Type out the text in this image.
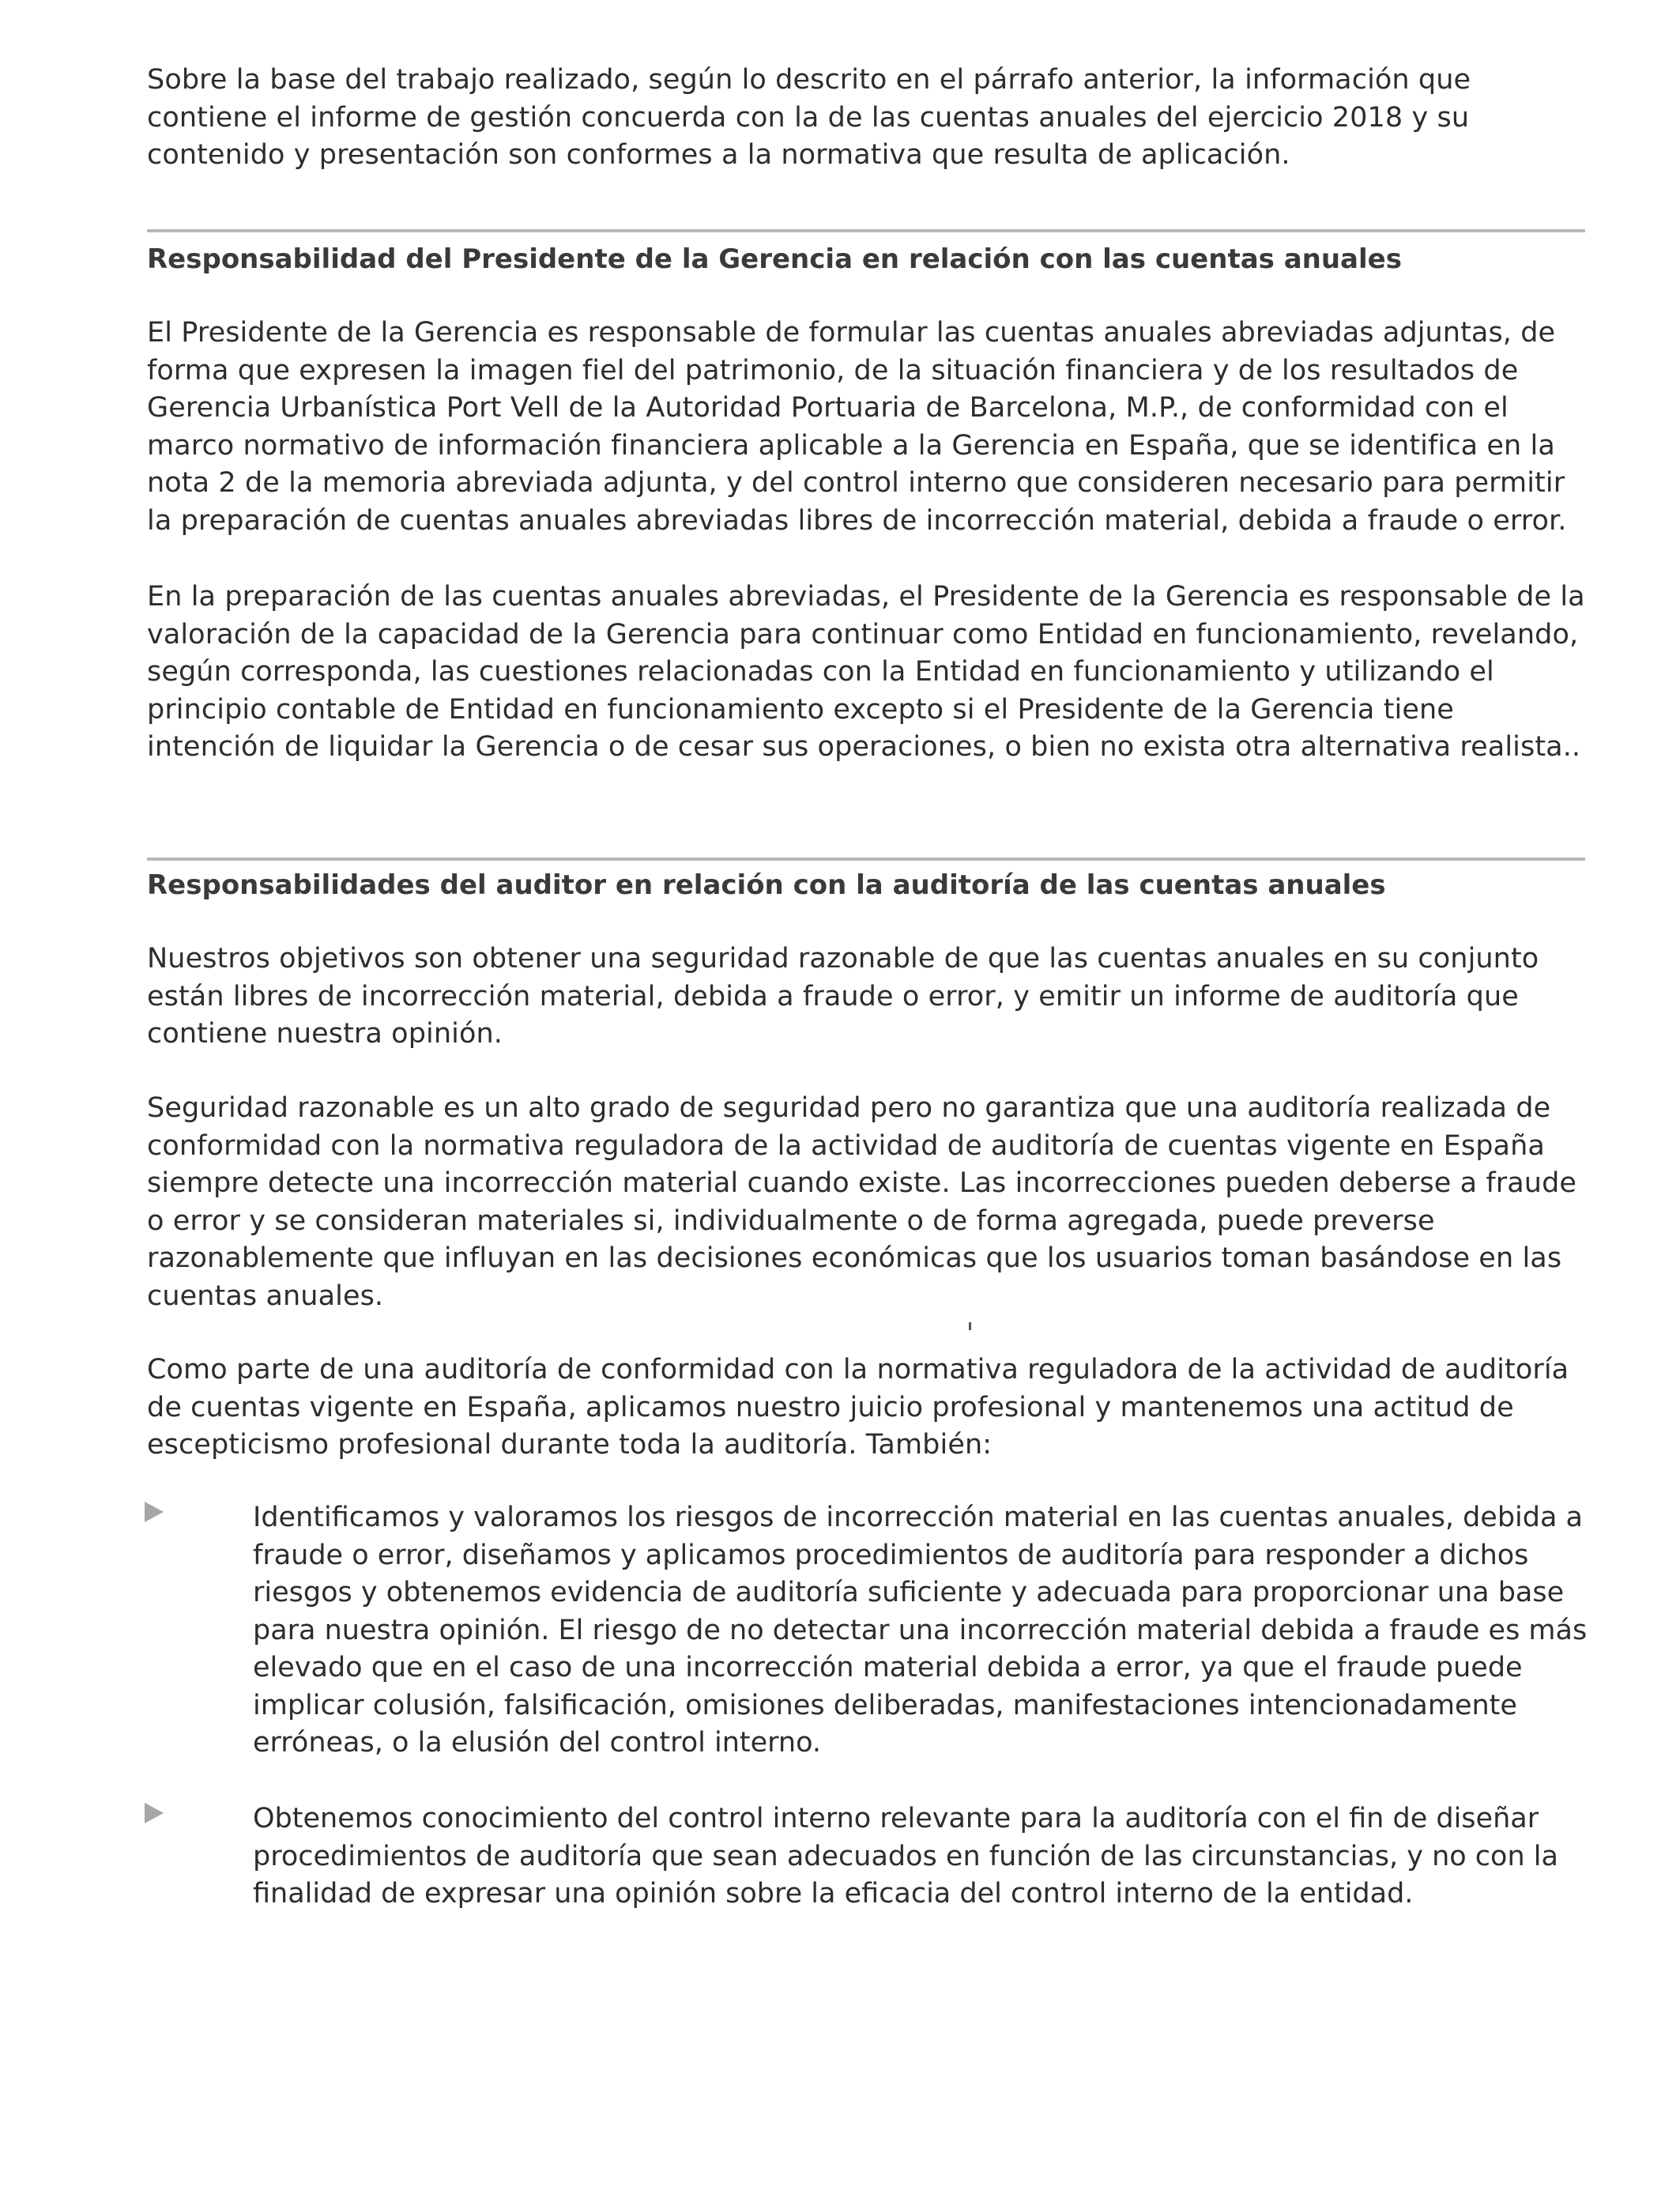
Sobre la base del trabajo realizado, según lo descrito en el párrafo anterior, la información que contiene el informe de gestión concuerda con la de las cuentas anuales del ejercicio 2018 y su contenido y presentación son conformes a la normativa que resulta de aplicación.

Responsabilidad del Presidente de la Gerencia en relación con las cuentas anuales

El Presidente de la Gerencia es responsable de formular las cuentas anuales abreviadas adjuntas, de forma que expresen la imagen fiel del patrimonio, de la situación financiera y de los resultados de Gerencia Urbanística Port Vell de la Autoridad Portuaria de Barcelona, M.P., de conformidad con el marco normativo de información financiera aplicable a la Gerencia en España, que se identifica en la nota 2 de la memoria abreviada adjunta, y del control interno que consideren necesario para permitir la preparación de cuentas anuales abreviadas libres de incorrección material, debida a fraude o error.

En la preparación de las cuentas anuales abreviadas, el Presidente de la Gerencia es responsable de la valoración de la capacidad de la Gerencia para continuar como Entidad en funcionamiento, revelando, según corresponda, las cuestiones relacionadas con la Entidad en funcionamiento y utilizando el principio contable de Entidad en funcionamiento excepto si el Presidente de la Gerencia tiene intención de liquidar la Gerencia o de cesar sus operaciones, o bien no exista otra alternativa realista..

Responsabilidades del auditor en relación con la auditoría de las cuentas anuales

Nuestros objetivos son obtener una seguridad razonable de que las cuentas anuales en su conjunto están libres de incorrección material, debida a fraude o error, y emitir un informe de auditoría que contiene nuestra opinión.

Seguridad razonable es un alto grado de seguridad pero no garantiza que una auditoría realizada de conformidad con la normativa reguladora de la actividad de auditoría de cuentas vigente en España siempre detecte una incorrección material cuando existe. Las incorrecciones pueden deberse a fraude o error y se consideran materiales si, individualmente o de forma agregada, puede preverse razonablemente que influyan en las decisiones económicas que los usuarios toman basándose en las cuentas anuales.

Como parte de una auditoría de conformidad con la normativa reguladora de la actividad de auditoría de cuentas vigente en España, aplicamos nuestro juicio profesional y mantenemos una actitud de escepticismo profesional durante toda la auditoría. También:

Identificamos y valoramos los riesgos de incorrección material en las cuentas anuales, debida a fraude o error, diseñamos y aplicamos procedimientos de auditoría para responder a dichos riesgos y obtenemos evidencia de auditoría suficiente y adecuada para proporcionar una base para nuestra opinión. El riesgo de no detectar una incorrección material debida a fraude es más elevado que en el caso de una incorrección material debida a error, ya que el fraude puede implicar colusión, falsificación, omisiones deliberadas, manifestaciones intencionadamente erróneas, o la elusión del control interno.

Obtenemos conocimiento del control interno relevante para la auditoría con el fin de diseñar procedimientos de auditoría que sean adecuados en función de las circunstancias, y no con la finalidad de expresar una opinión sobre la eficacia del control interno de la entidad.
